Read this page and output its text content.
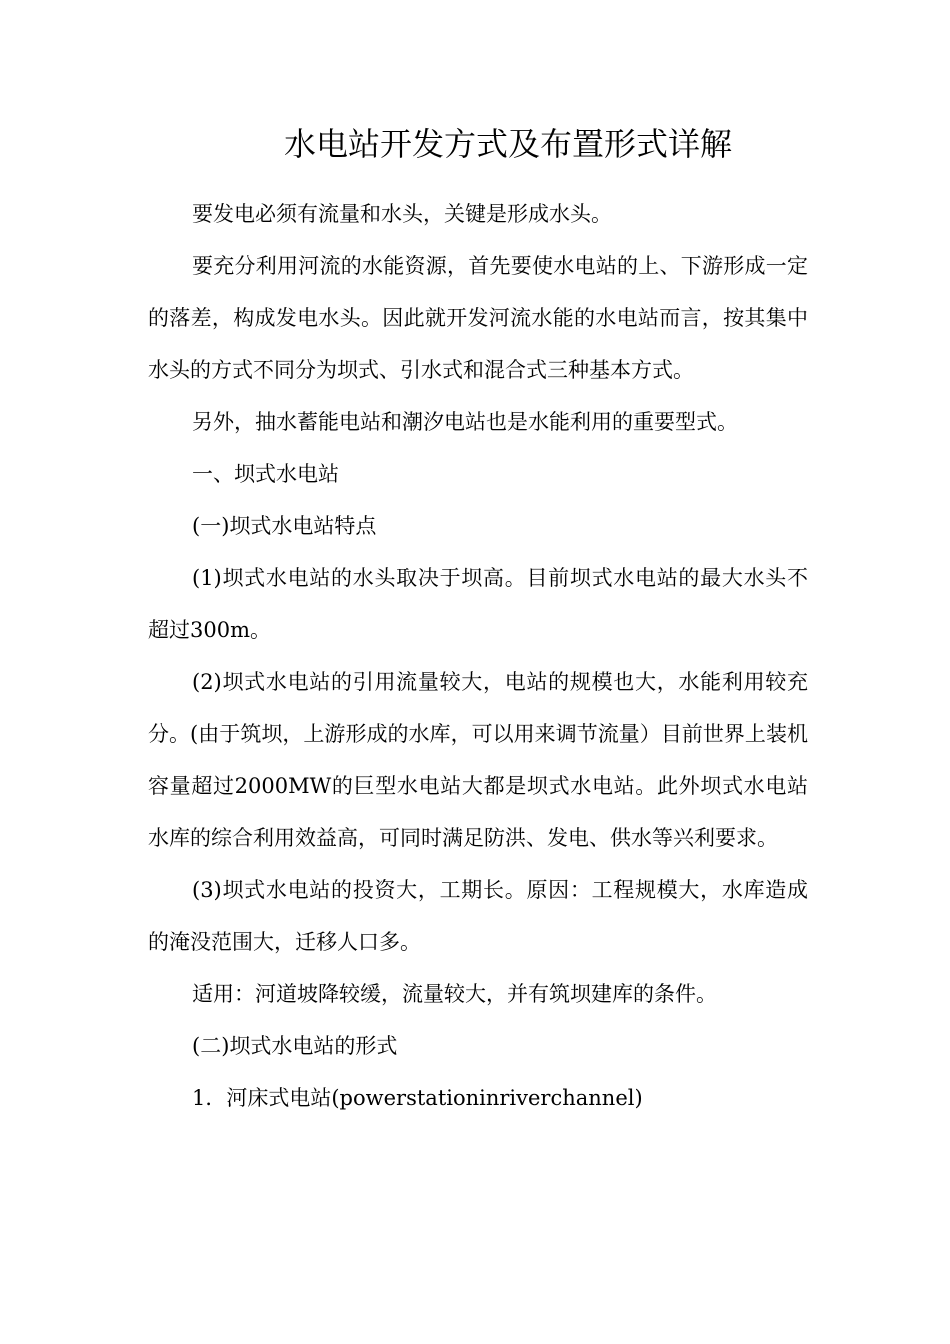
水电站开发方式及布置形式详解

要发电必须有流量和水头，关键是形成水头。

要充分利用河流的水能资源，首先要使水电站的上、下游形成一定的落差，构成发电水头。因此就开发河流水能的水电站而言，按其集中水头的方式不同分为坝式、引水式和混合式三种基本方式。

另外，抽水蓄能电站和潮汐电站也是水能利用的重要型式。

一、坝式水电站

(一)坝式水电站特点

(1)坝式水电站的水头取决于坝高。目前坝式水电站的最大水头不超过300m。

(2)坝式水电站的引用流量较大，电站的规模也大，水能利用较充分。(由于筑坝，上游形成的水库，可以用来调节流量）目前世界上装机容量超过2000MW的巨型水电站大都是坝式水电站。此外坝式水电站水库的综合利用效益高，可同时满足防洪、发电、供水等兴利要求。

(3)坝式水电站的投资大，工期长。原因：工程规模大，水库造成的淹没范围大，迁移人口多。

适用：河道坡降较缓，流量较大，并有筑坝建库的条件。

(二)坝式水电站的形式

1．河床式电站(powerstationinriverchannel)
